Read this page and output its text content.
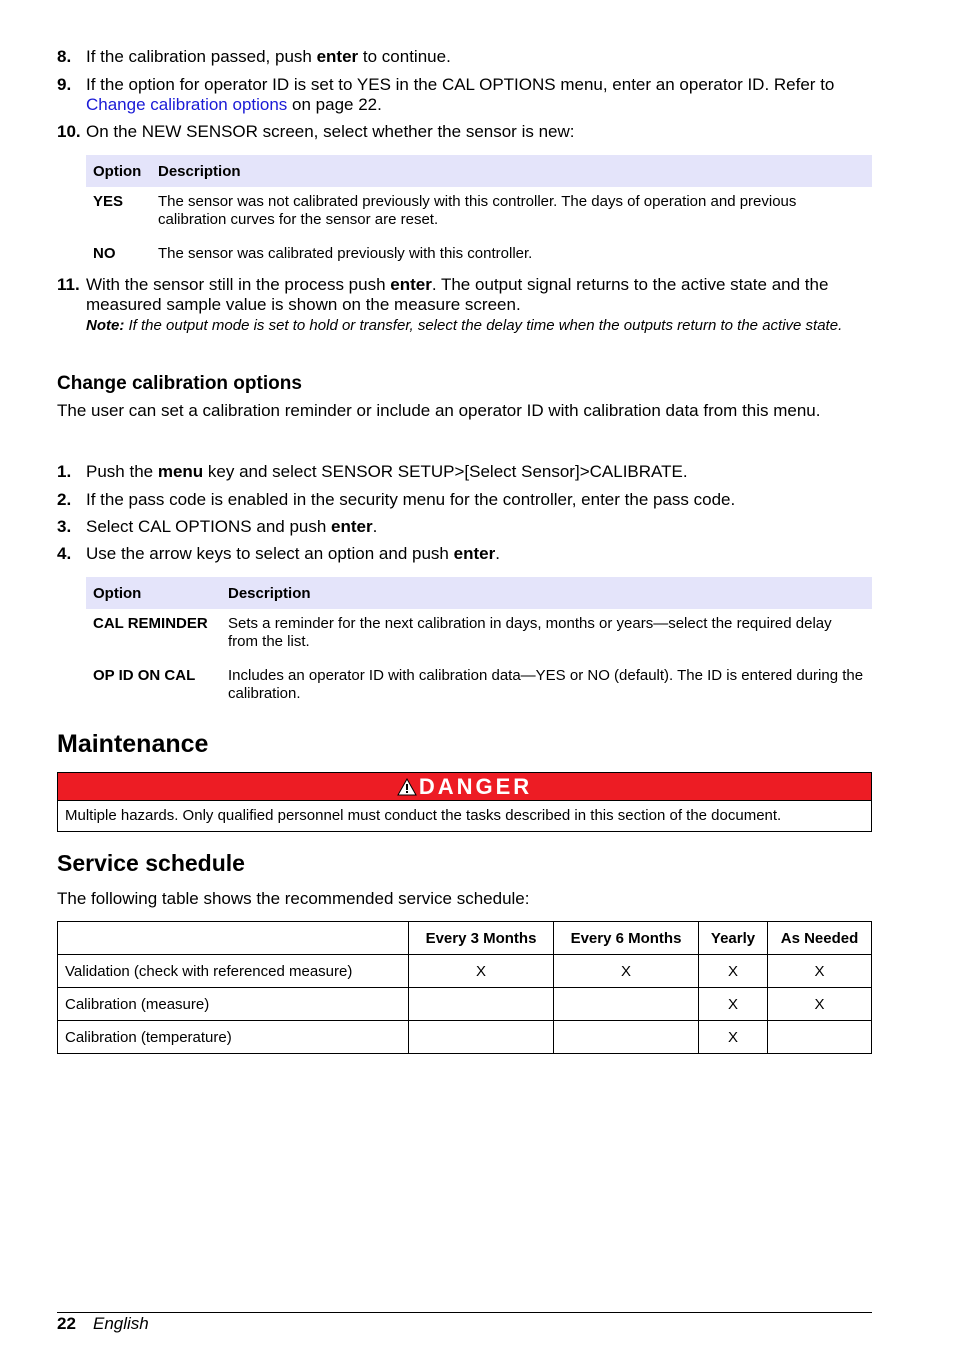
8. If the calibration passed, push enter to continue.
9. If the option for operator ID is set to YES in the CAL OPTIONS menu, enter an operator ID. Refer to Change calibration options on page 22.
10. On the NEW SENSOR screen, select whether the sensor is new:
Option	Description
YES	The sensor was not calibrated previously with this controller. The days of operation and previous calibration curves for the sensor are reset.
NO	The sensor was calibrated previously with this controller.
11. With the sensor still in the process push enter. The output signal returns to the active state and the measured sample value is shown on the measure screen.
Note: If the output mode is set to hold or transfer, select the delay time when the outputs return to the active state.
Change calibration options
The user can set a calibration reminder or include an operator ID with calibration data from this menu.
1. Push the menu key and select SENSOR SETUP>[Select Sensor]>CALIBRATE.
2. If the pass code is enabled in the security menu for the controller, enter the pass code.
3. Select CAL OPTIONS and push enter.
4. Use the arrow keys to select an option and push enter.
Option	Description
CAL REMINDER	Sets a reminder for the next calibration in days, months or years—select the required delay from the list.
OP ID ON CAL	Includes an operator ID with calibration data—YES or NO (default). The ID is entered during the calibration.
Maintenance
DANGER
Multiple hazards. Only qualified personnel must conduct the tasks described in this section of the document.
Service schedule
The following table shows the recommended service schedule:
	Every 3 Months	Every 6 Months	Yearly	As Needed
Validation (check with referenced measure)	X	X	X	X
Calibration (measure)			X	X
Calibration (temperature)			X	
22 English
